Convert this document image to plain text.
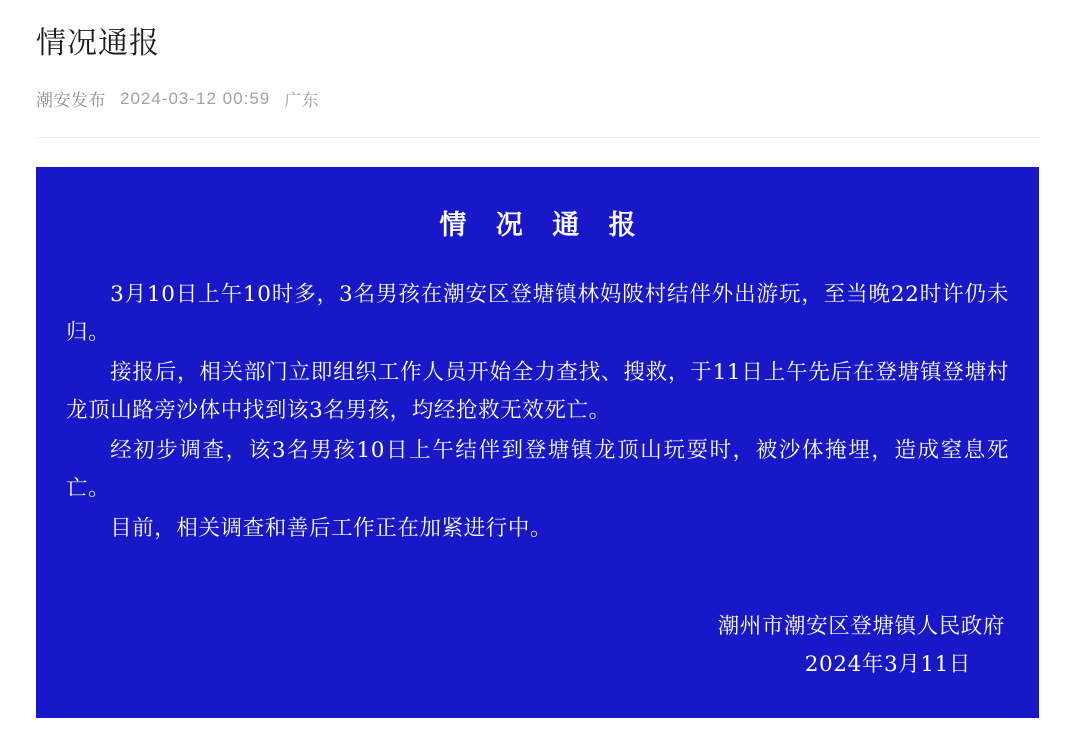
情况通报
潮安发布 2024-03-12 00:59 广东
情 况 通 报

3月10日上午10时多，3名男孩在潮安区登塘镇林妈陂村结伴外出游玩，至当晚22时许仍未归。

接报后，相关部门立即组织工作人员开始全力查找、搜救，于11日上午先后在登塘镇登塘村龙顶山路旁沙体中找到该3名男孩，均经抢救无效死亡。

经初步调查，该3名男孩10日上午结伴到登塘镇龙顶山玩耍时，被沙体掩埋，造成窒息死亡。

目前，相关调查和善后工作正在加紧进行中。

潮州市潮安区登塘镇人民政府
2024年3月11日
